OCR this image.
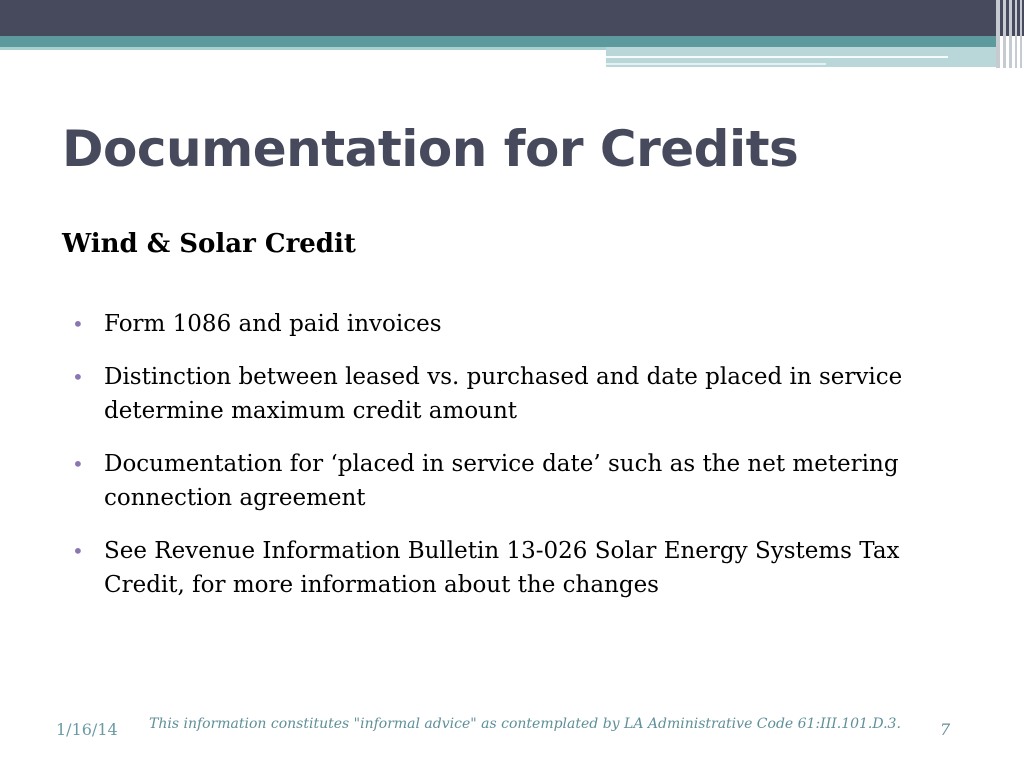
Documentation for Credits
Wind & Solar Credit
• Form 1086 and paid invoices
• Distinction between leased vs. purchased and date placed in service determine maximum credit amount
• Documentation for ‘placed in service date’ such as the net metering connection agreement
• See Revenue Information Bulletin 13-026 Solar Energy Systems Tax Credit, for more information about the changes
1/16/14 This information constitutes "informal advice" as contemplated by LA Administrative Code 61:III.101.D.3. 7
